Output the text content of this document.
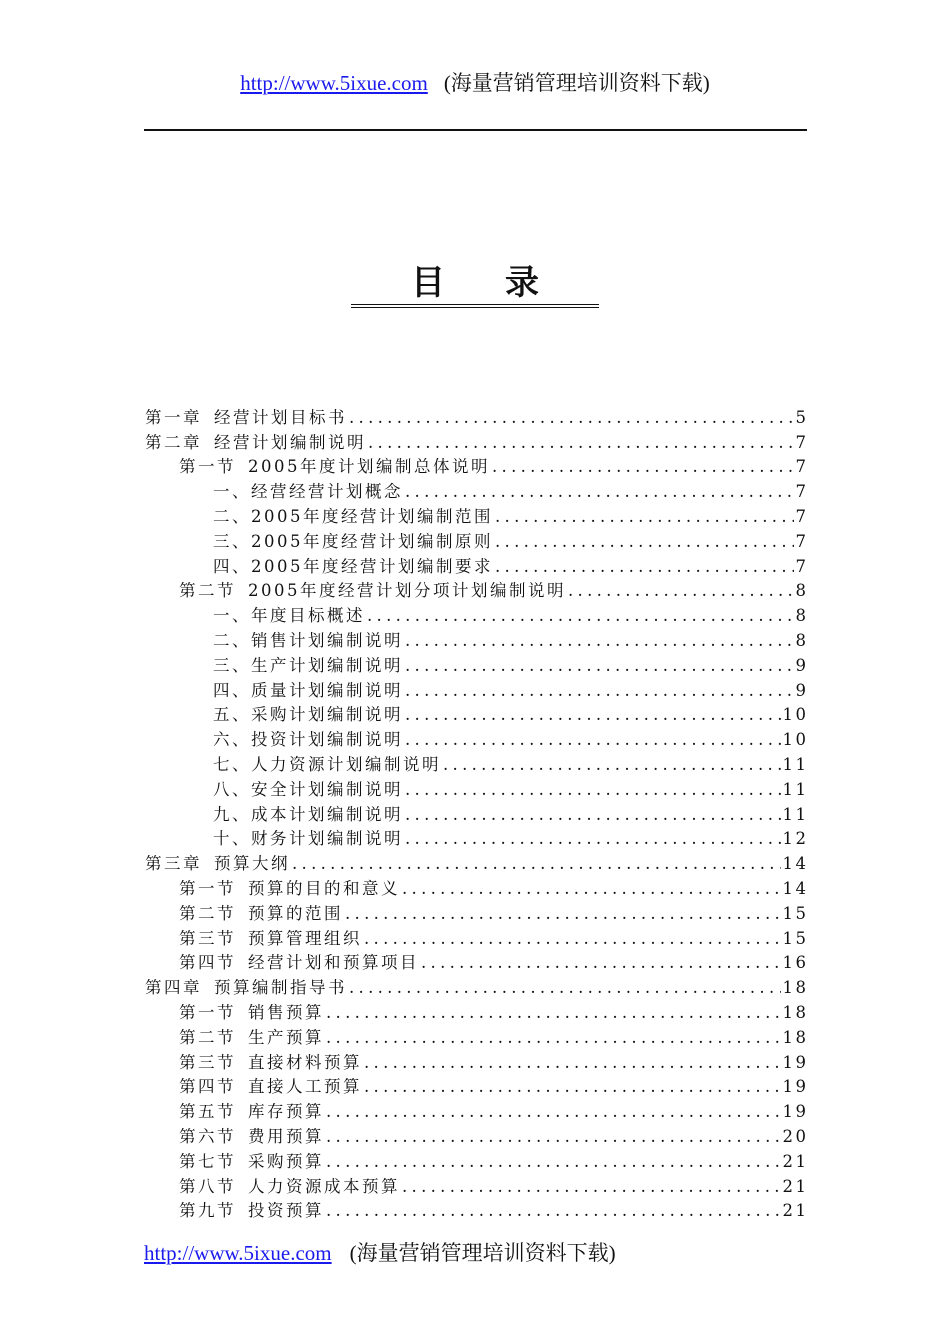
http://www.5ixue.com (海量营销管理培训资料下载)
目录
第一章 经营计划目标书 .....	5
第二章 经营计划编制说明 .....	7
第一节 2005年度计划编制总体说明 .....	7
一、经营经营计划概念 .....	7
二、2005年度经营计划编制范围 .....	7
三、2005年度经营计划编制原则 .....	7
四、2005年度经营计划编制要求 .....	7
第二节 2005年度经营计划分项计划编制说明 .....	8
一、年度目标概述 .....	8
二、销售计划编制说明 .....	8
三、生产计划编制说明 .....	9
四、质量计划编制说明 .....	9
五、采购计划编制说明 .....	10
六、投资计划编制说明 .....	10
七、人力资源计划编制说明 .....	11
八、安全计划编制说明 .....	11
九、成本计划编制说明 .....	11
十、财务计划编制说明 .....	12
第三章 预算大纲 .....	14
第一节 预算的目的和意义 .....	14
第二节 预算的范围 .....	15
第三节 预算管理组织 .....	15
第四节 经营计划和预算项目 .....	16
第四章 预算编制指导书 .....	18
第一节 销售预算 .....	18
第二节 生产预算 .....	18
第三节 直接材料预算 .....	19
第四节 直接人工预算 .....	19
第五节 库存预算 .....	19
第六节 费用预算 .....	20
第七节 采购预算 .....	21
第八节 人力资源成本预算 .....	21
第九节 投资预算 .....	21
http://www.5ixue.com (海量营销管理培训资料下载)
